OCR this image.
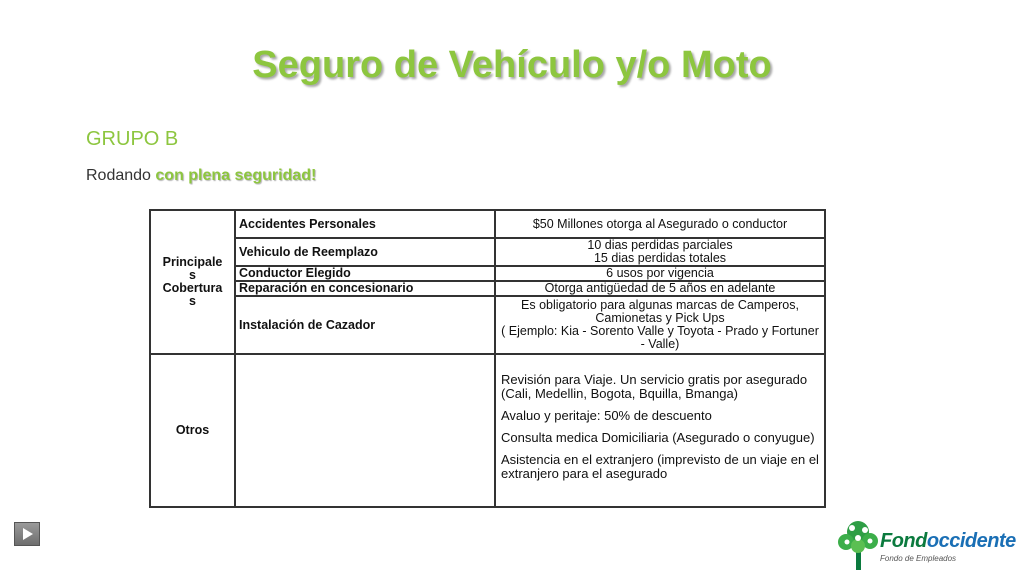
Seguro de Vehículo y/o Moto
GRUPO B
Rodando con plena seguridad!
Principale
s
Cobertura
s	Accidentes Personales	$50 Millones otorga al Asegurado o conductor
	Vehiculo de Reemplazo	10 dias perdidas parciales
15 dias perdidas totales
	Conductor Elegido	6 usos por vigencia
	Reparación en concesionario	Otorga antigüedad de 5 años en adelante
	Instalación de Cazador	Es obligatorio para algunas marcas de Camperos, Camionetas y Pick Ups
( Ejemplo: Kia - Sorento Valle y Toyota - Prado y Fortuner - Valle)
Otros		Revisión para Viaje. Un servicio gratis por asegurado (Cali, Medellin, Bogota, Bquilla, Bmanga)

Avaluo y peritaje: 50% de descuento

Consulta medica Domiciliaria (Asegurado o conyugue)

Asistencia en el extranjero (imprevisto de un viaje en el extranjero para el asegurado

Fondoccidente
Fondo de Empleados
